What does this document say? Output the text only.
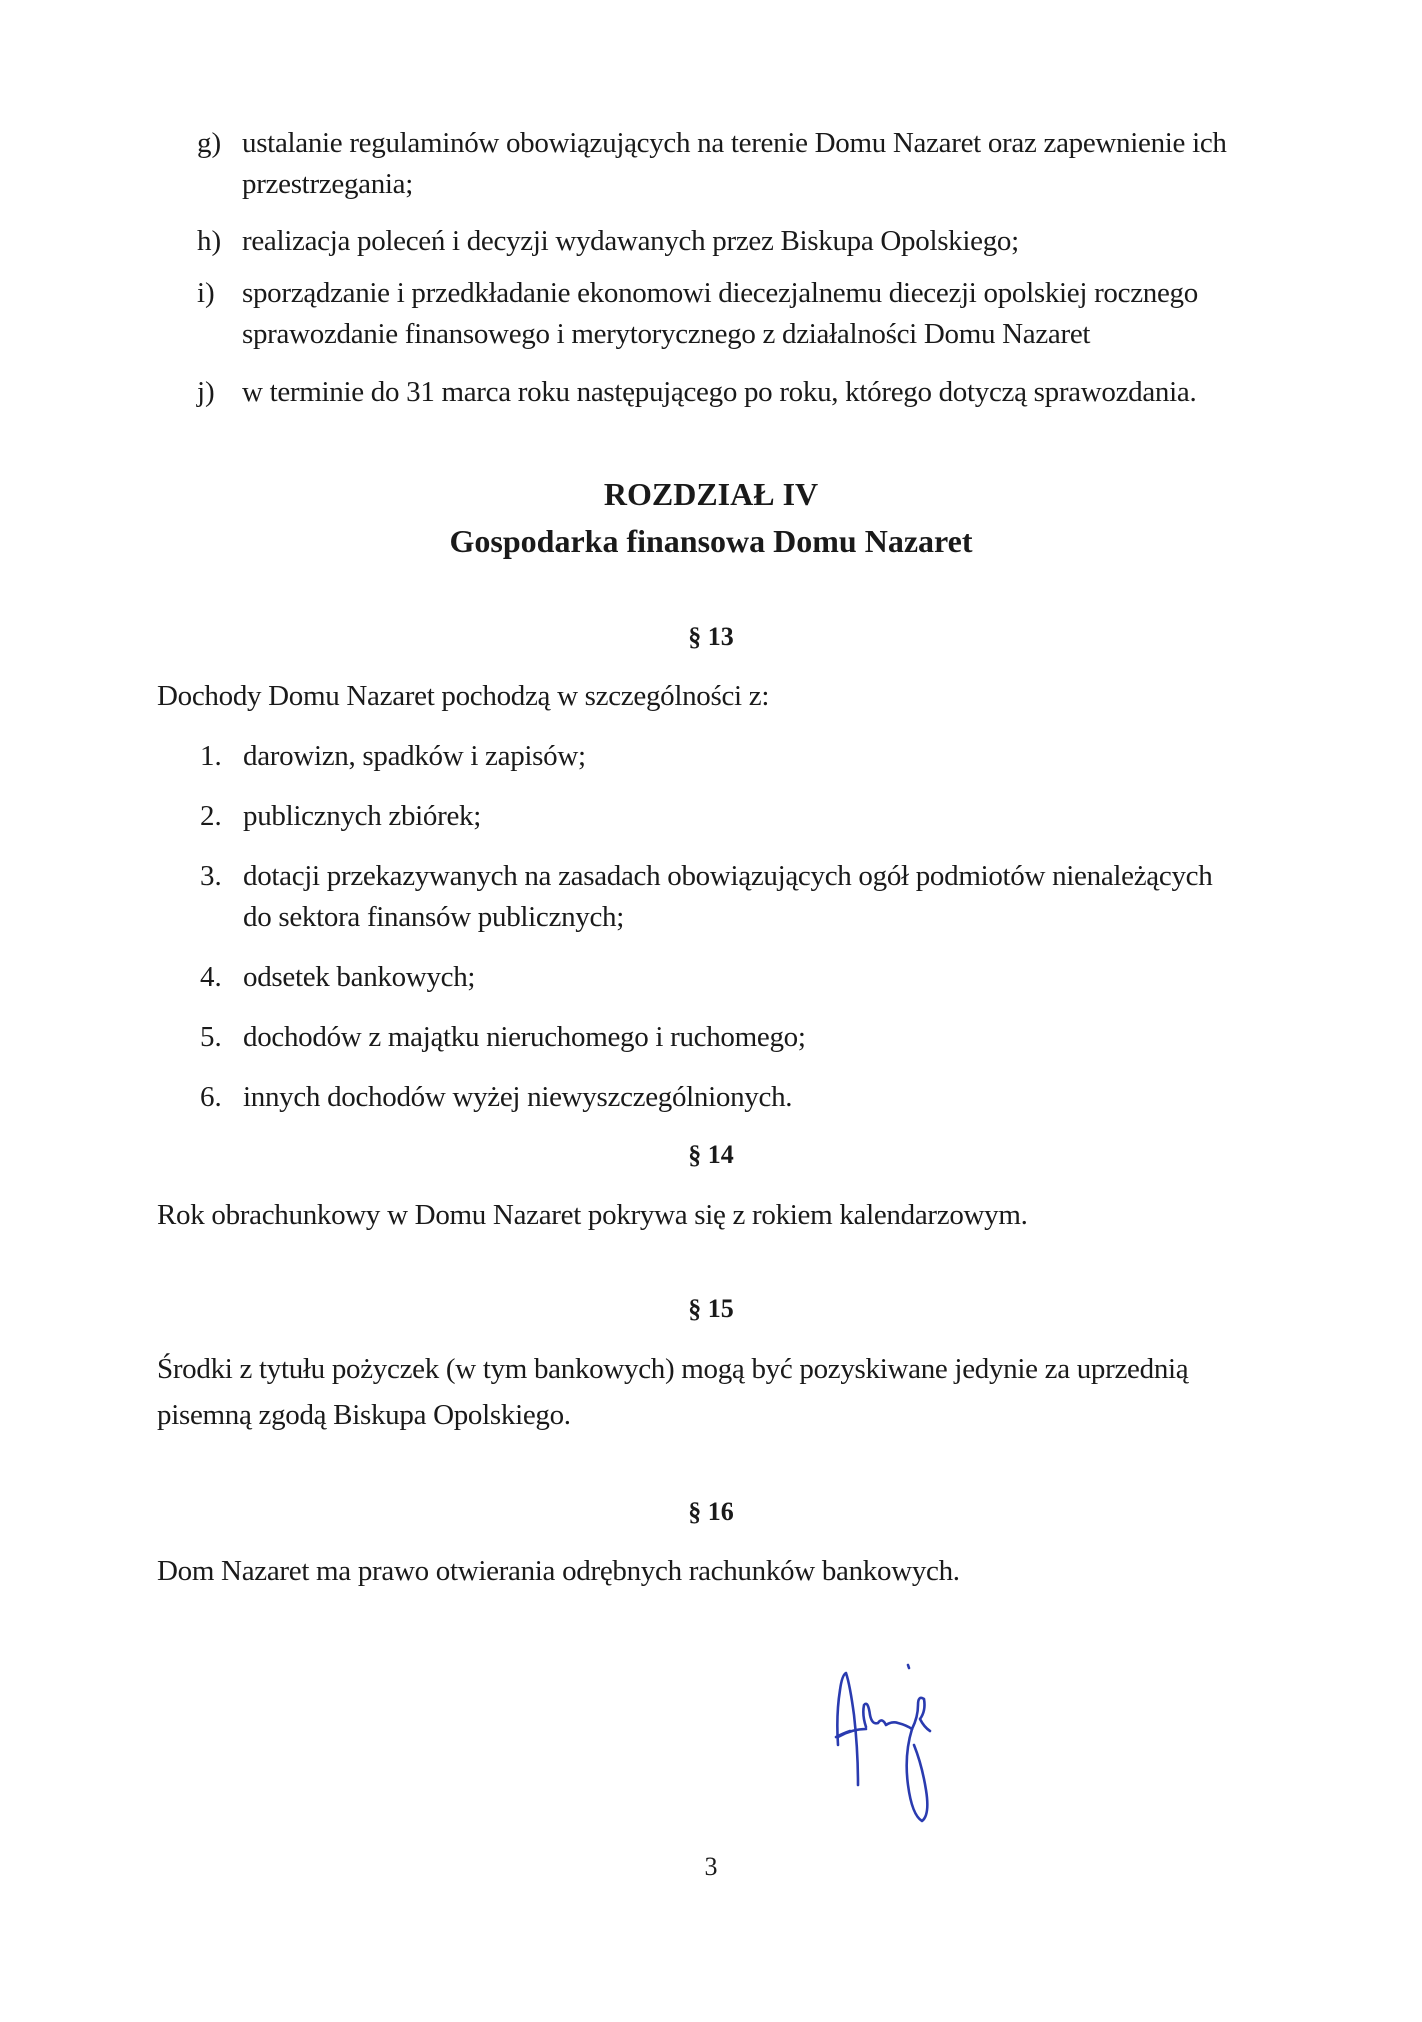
g) ustalanie regulaminów obowiązujących na terenie Domu Nazaret oraz zapewnienie ich
przestrzegania;
h) realizacja poleceń i decyzji wydawanych przez Biskupa Opolskiego;
i) sporządzanie i przedkładanie ekonomowi diecezjalnemu diecezji opolskiej rocznego
sprawozdanie finansowego i merytorycznego z działalności Domu Nazaret
j) w terminie do 31 marca roku następującego po roku, którego dotyczą sprawozdania.
ROZDZIAŁ IV
Gospodarka finansowa Domu Nazaret
§ 13
Dochody Domu Nazaret pochodzą w szczególności z:
1. darowizn, spadków i zapisów;
2. publicznych zbiórek;
3. dotacji przekazywanych na zasadach obowiązujących ogół podmiotów nienależących
do sektora finansów publicznych;
4. odsetek bankowych;
5. dochodów z majątku nieruchomego i ruchomego;
6. innych dochodów wyżej niewyszczególnionych.
§ 14
Rok obrachunkowy w Domu Nazaret pokrywa się z rokiem kalendarzowym.
§ 15
Środki z tytułu pożyczek (w tym bankowych) mogą być pozyskiwane jedynie za uprzednią
pisemną zgodą Biskupa Opolskiego.
§ 16
Dom Nazaret ma prawo otwierania odrębnych rachunków bankowych.
3
